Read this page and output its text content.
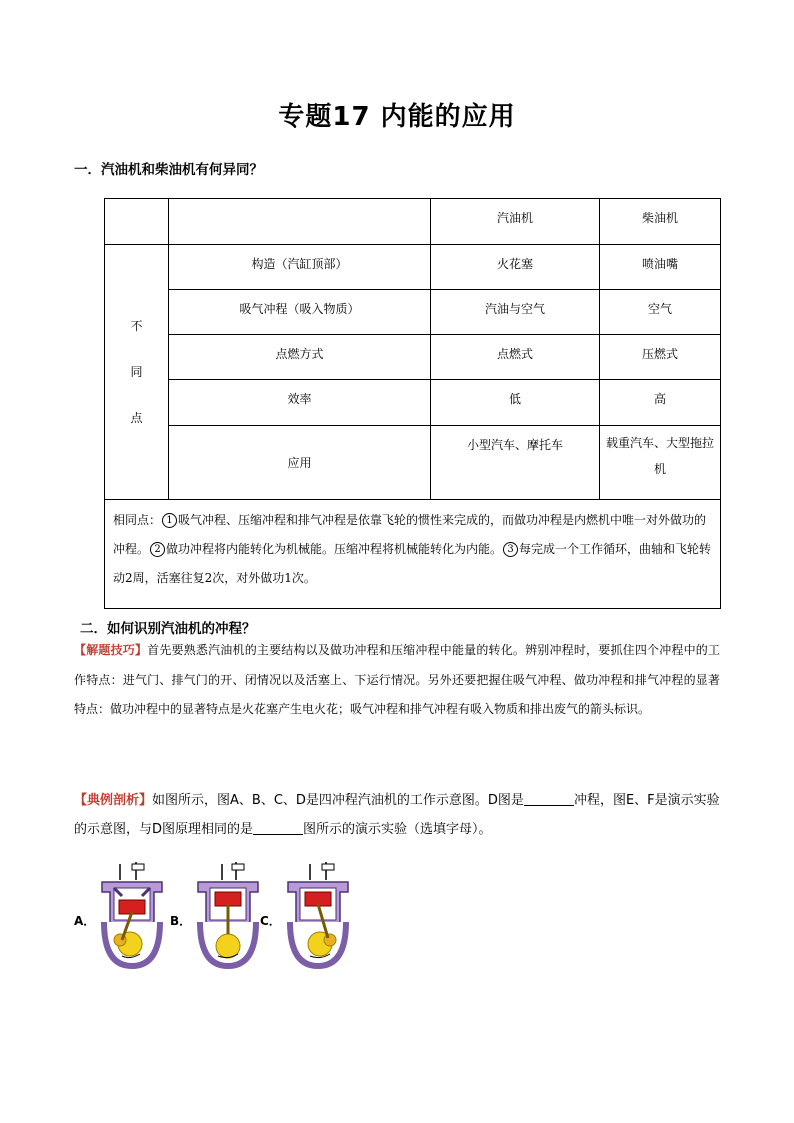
专题17 内能的应用
一．汽油机和柴油机有何异同？
		汽油机	柴油机

不
同
点	构造（汽缸顶部）	火花塞	喷油嘴
	吸气冲程（吸入物质）	汽油与空气	空气
	点燃方式	点燃式	压燃式
	效率	低	高
	应用	小型汽车、摩托车	载重汽车、大型拖拉机
相同点： 1 吸气冲程、压缩冲程和排气冲程是依靠飞轮的惯性来完成的，而做功冲程是内燃机中唯一对外做功的冲程。 2 做功冲程将内能转化为机械能。压缩冲程将机械能转化为内能。 3 每完成一个工作循环，曲轴和飞轮转动2周，活塞往复2次，对外做功1次。			
二．如何识别汽油机的冲程？
【解题技巧】首先要熟悉汽油机的主要结构以及做功冲程和压缩冲程中能量的转化。辨别冲程时，要抓住四个冲程中的工作特点：进气门、排气门的开、闭情况以及活塞上、下运行情况。另外还要把握住吸气冲程、做功冲程和排气冲程的显著特点：做功冲程中的显著特点是火花塞产生电火花；吸气冲程和排气冲程有吸入物质和排出废气的箭头标识。
【典例剖析】如图所示，图A、B、C、D是四冲程汽油机的工作示意图。D图是	冲程，图E、F是演示实验的示意图，与D图原理相同的是	图所示的演示实验（选填字母）。
A．	B．	C．
